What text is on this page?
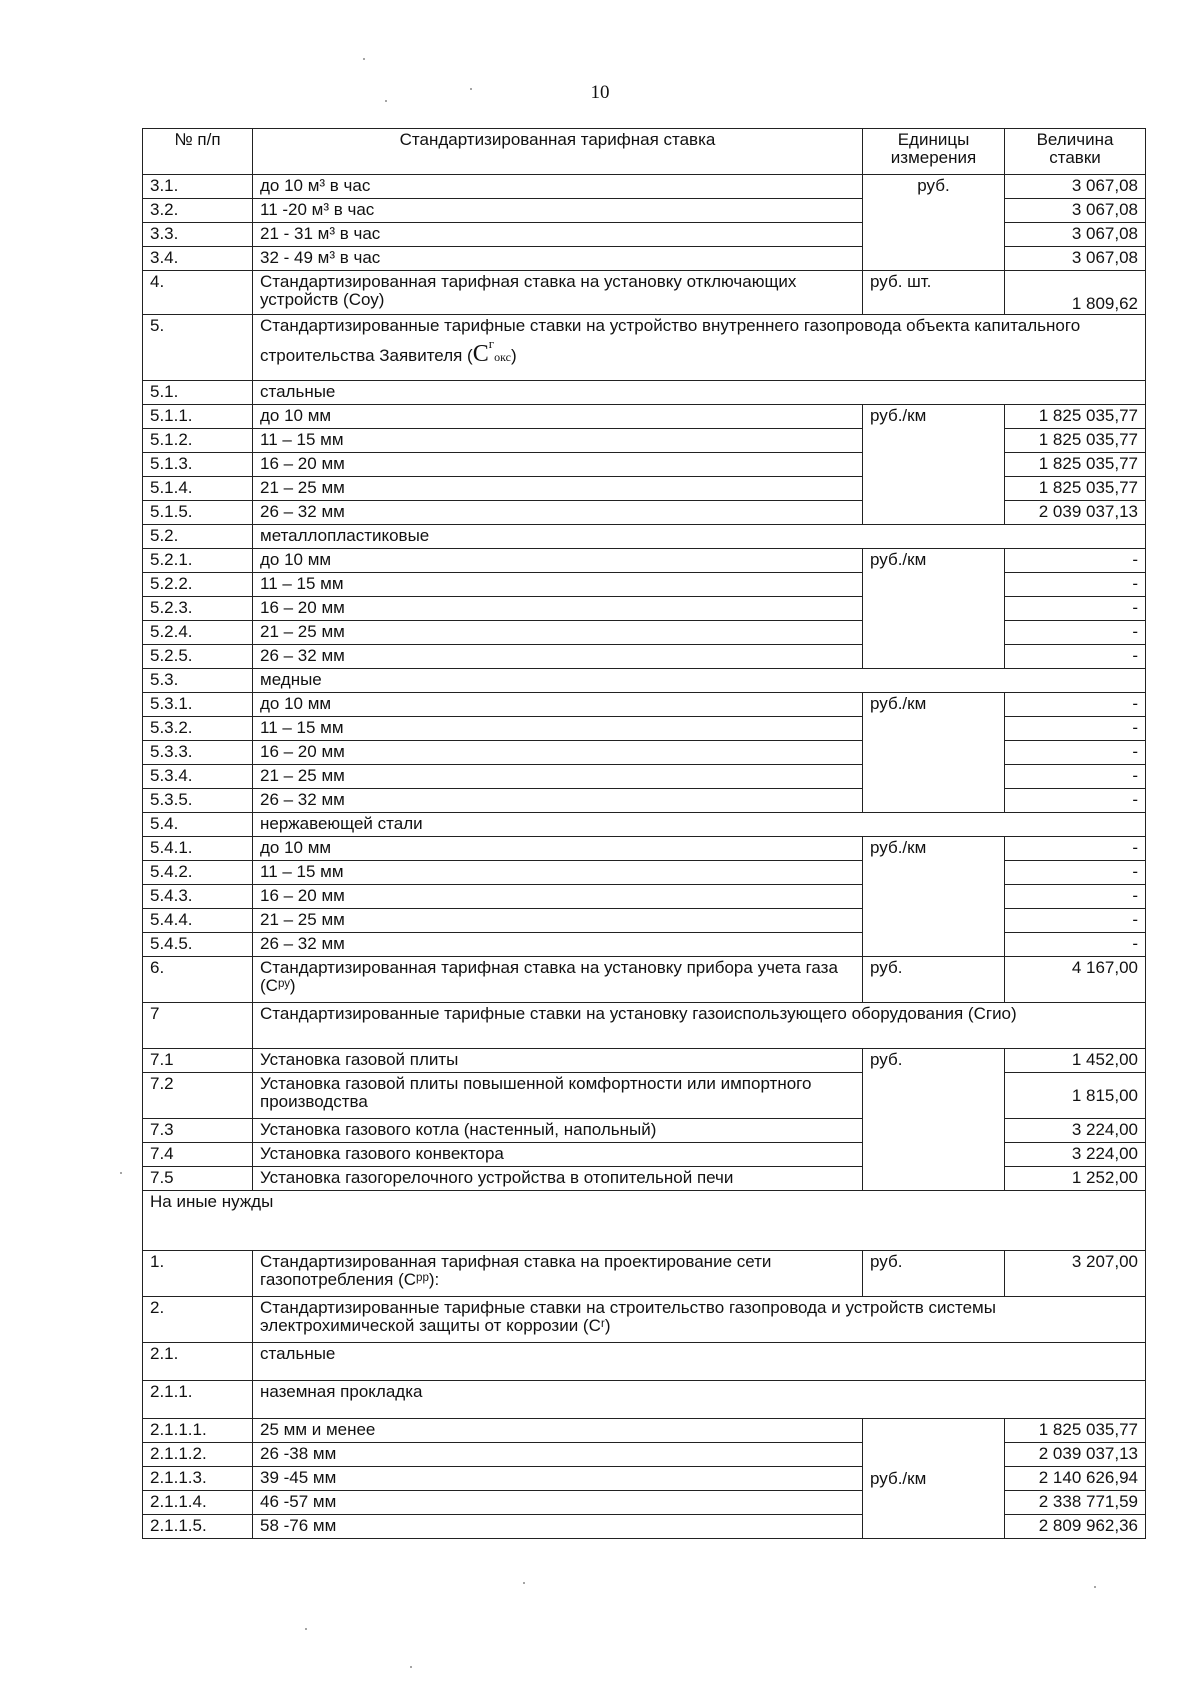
10
№ п/п	Стандартизированная тарифная ставка	Единицы измерения	Величина ставки
3.1.	до 10 м³ в час	руб.	3 067,08
3.2.	11 -20 м³ в час		3 067,08
3.3.	21 - 31 м³ в час		3 067,08
3.4.	32 - 49 м³ в час		3 067,08
4.	Стандартизированная тарифная ставка на установку отключающих устройств (Соу)	руб. шт.	1 809,62
5.	Стандартизированные тарифные ставки на устройство внутреннего газопровода объекта капитального строительства Заявителя $(C^гокс)$		
5.1.	стальные		
5.1.1.	до 10 мм	руб./км	1 825 035,77
5.1.2.	11 – 15 мм		1 825 035,77
5.1.3.	16 – 20 мм		1 825 035,77
5.1.4.	21 – 25 мм		1 825 035,77
5.1.5.	26 – 32 мм		2 039 037,13
5.2.	металлопластиковые		
5.2.1.	до 10 мм	руб./км	-
5.2.2.	11 – 15 мм		-
5.2.3.	16 – 20 мм		-
5.2.4.	21 – 25 мм		-
5.2.5.	26 – 32 мм		-
5.3.	медные		
5.3.1.	до 10 мм	руб./км	-
5.3.2.	11 – 15 мм		-
5.3.3.	16 – 20 мм		-
5.3.4.	21 – 25 мм		-
5.3.5.	26 – 32 мм		-
5.4.	нержавеющей стали		
5.4.1.	до 10 мм	руб./км	-
5.4.2.	11 – 15 мм		-
5.4.3.	16 – 20 мм		-
5.4.4.	21 – 25 мм		-
5.4.5.	26 – 32 мм		-
6.	Стандартизированная тарифная ставка на установку прибора учета газа (Сᵖʸ)	руб.	4 167,00
7	Стандартизированные тарифные ставки на установку газоиспользующего оборудования (Сгио)		
7.1	Установка газовой плиты	руб.	1 452,00
7.2	Установка газовой плиты повышенной комфортности или импортного производства		1 815,00
7.3	Установка газового котла (настенный, напольный)		3 224,00
7.4	Установка газового конвектора		3 224,00
7.5	Установка газогорелочного устройства в отопительной печи		1 252,00
На иные нужды			
1.	Стандартизированная тарифная ставка на проектирование сети газопотребления (Сᵖᵖ):	руб.	3 207,00
2.	Стандартизированные тарифные ставки на строительство газопровода и устройств системы электрохимической защиты от коррозии (Сʳ)		
2.1.	стальные		
2.1.1.	наземная прокладка		
2.1.1.1.	25 мм и менее	руб./км	1 825 035,77
2.1.1.2.	26 -38 мм		2 039 037,13
2.1.1.3.	39 -45 мм		2 140 626,94
2.1.1.4.	46 -57 мм		2 338 771,59
2.1.1.5.	58 -76 мм		2 809 962,36
